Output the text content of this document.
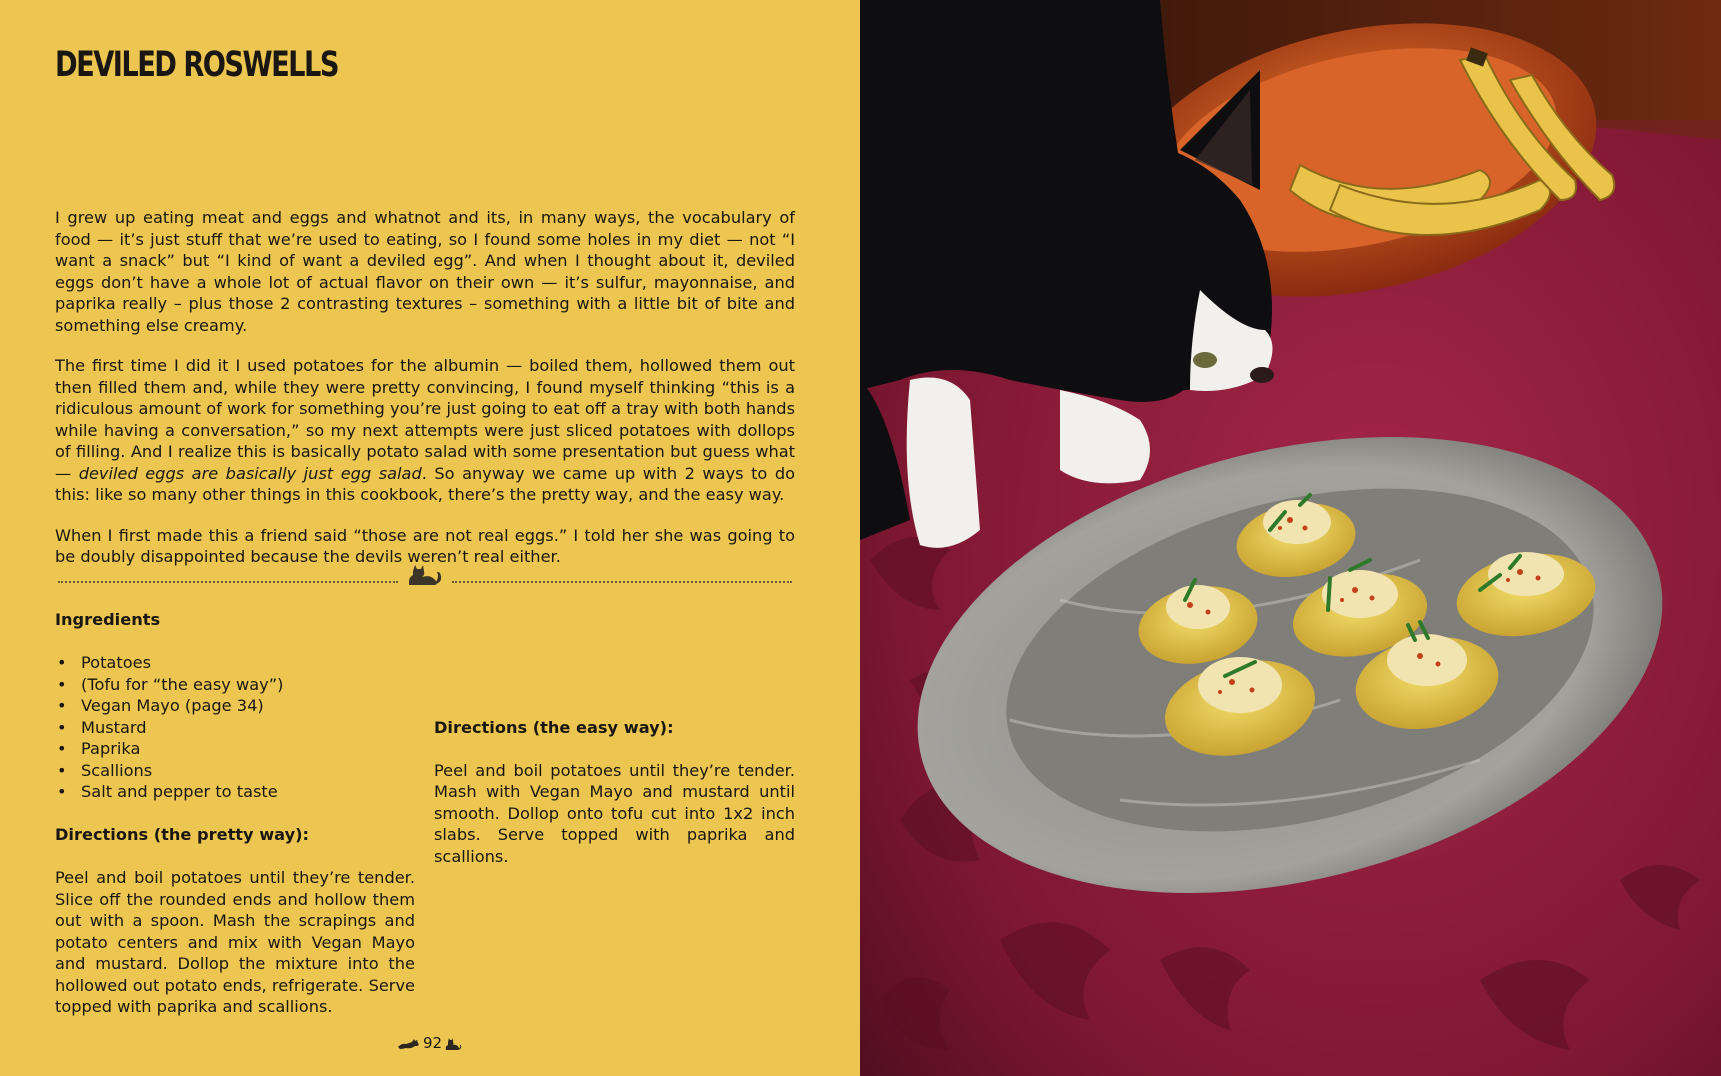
DEVILED ROSWELLS

I grew up eating meat and eggs and whatnot and its, in many ways, the vocabulary of food — it’s just stuff that we’re used to eating, so I found some holes in my diet — not “I want a snack” but “I kind of want a deviled egg”. And when I thought about it, deviled eggs don’t have a whole lot of actual flavor on their own — it’s sulfur, mayonnaise, and paprika really – plus those 2 contrasting textures – something with a little bit of bite and something else creamy.

The first time I did it I used potatoes for the albumin — boiled them, hollowed them out then filled them and, while they were pretty convincing, I found myself thinking “this is a ridiculous amount of work for something you’re just going to eat off a tray with both hands while having a conversation,” so my next attempts were just sliced potatoes with dollops of filling. And I realize this is basically potato salad with some presentation but guess what — deviled eggs are basically just egg salad. So anyway we came up with 2 ways to do this: like so many other things in this cookbook, there’s the pretty way, and the easy way.

When I first made this a friend said “those are not real eggs.” I told her she was going to be doubly disappointed because the devils weren’t real either.

Ingredients
• Potatoes
• (Tofu for “the easy way”)
• Vegan Mayo (page 34)
• Mustard
• Paprika
• Scallions
• Salt and pepper to taste
Directions (the pretty way):

Peel and boil potatoes until they’re tender. Slice off the rounded ends and hollow them out with a spoon. Mash the scrapings and potato centers and mix with Vegan Mayo and mustard. Dollop the mixture into the hollowed out potato ends, refrigerate. Serve topped with paprika and scallions.

Directions (the easy way):

Peel and boil potatoes until they’re tender. Mash with Vegan Mayo and mustard until smooth. Dollop onto tofu cut into 1x2 inch slabs. Serve topped with paprika and scallions.

92
